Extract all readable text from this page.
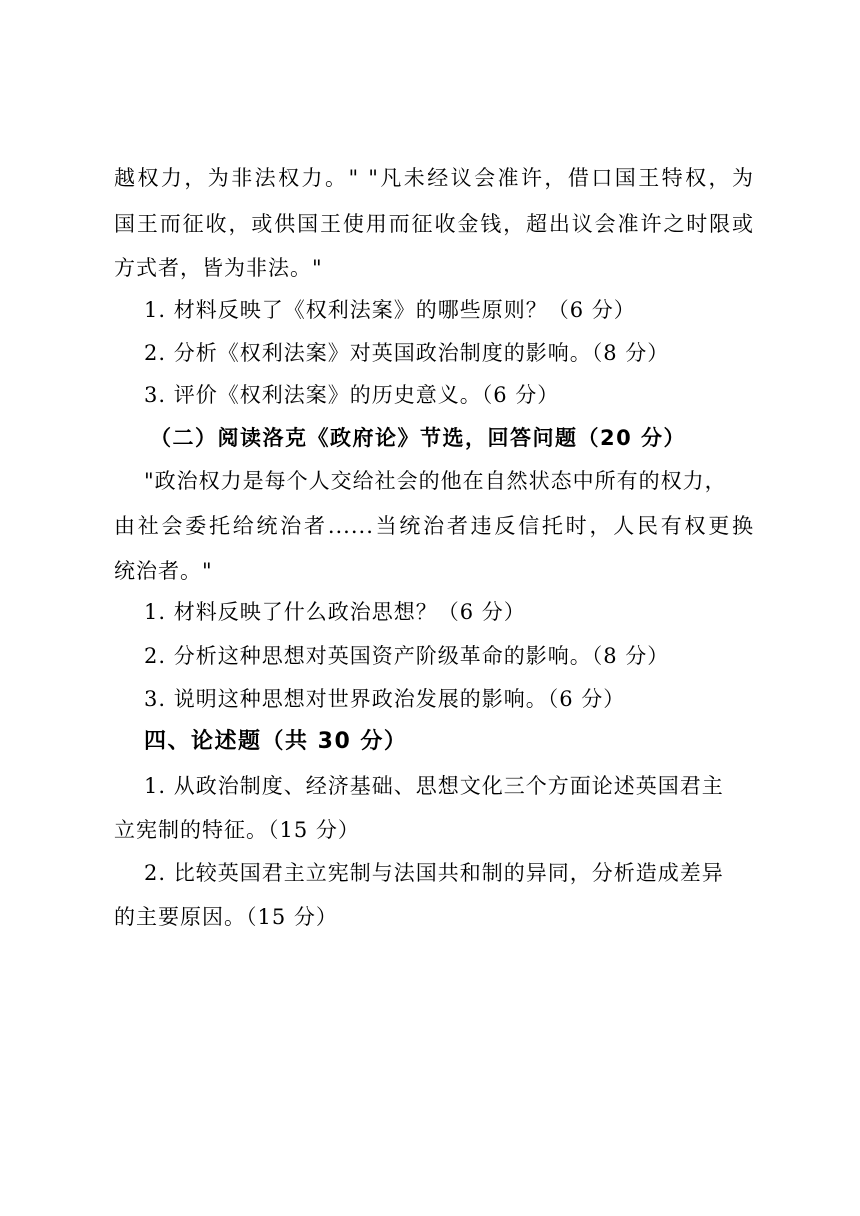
越权力，为非法权力。" "凡未经议会准许，借口国王特权，为
国王而征收，或供国王使用而征收金钱，超出议会准许之时限或
方式者，皆为非法。"
1. 材料反映了《权利法案》的哪些原则？（6 分）
2. 分析《权利法案》对英国政治制度的影响。（8 分）
3. 评价《权利法案》的历史意义。（6 分）
（二）阅读洛克《政府论》节选，回答问题（20 分）
"政治权力是每个人交给社会的他在自然状态中所有的权力，
由社会委托给统治者......当统治者违反信托时，人民有权更换
统治者。"
1. 材料反映了什么政治思想？（6 分）
2. 分析这种思想对英国资产阶级革命的影响。（8 分）
3. 说明这种思想对世界政治发展的影响。（6 分）
四、论述题（共 30 分）
1. 从政治制度、经济基础、思想文化三个方面论述英国君主
立宪制的特征。（15 分）
2. 比较英国君主立宪制与法国共和制的异同，分析造成差异
的主要原因。（15 分）
